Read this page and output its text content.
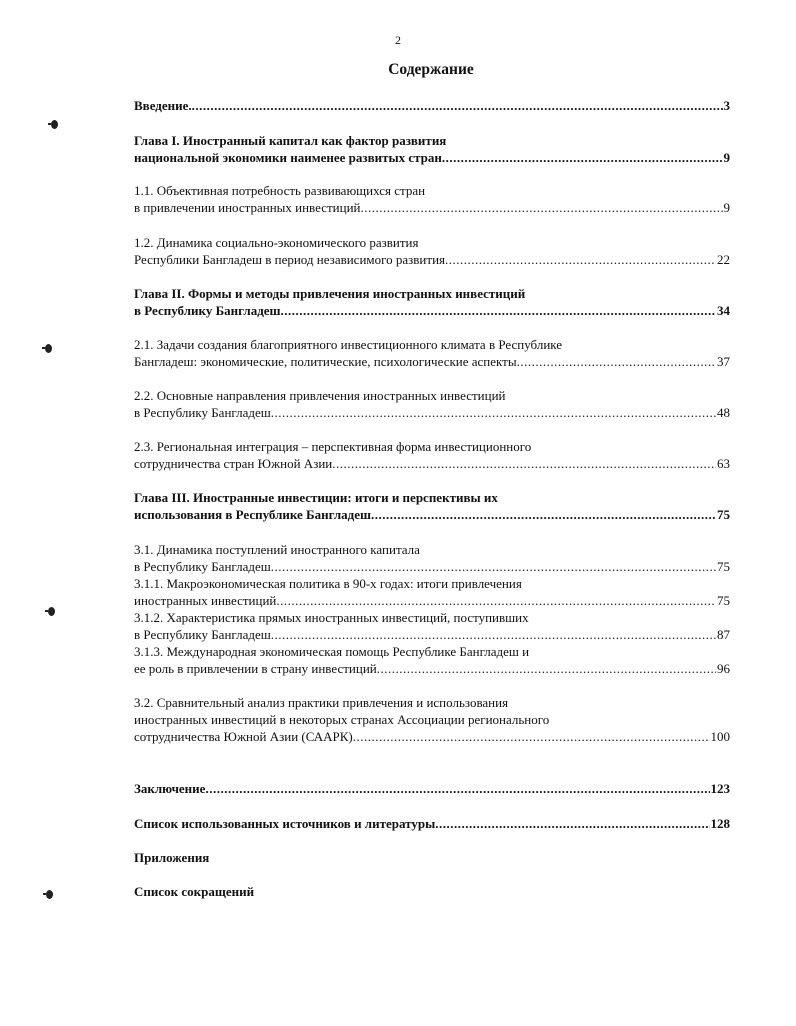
2
Содержание
Введение. .....	3
Глава I. Иностранный капитал как фактор развития
национальной экономики наименее развитых стран .....	9
1.1. Объективная потребность развивающихся стран
в привлечении иностранных инвестиций .....	9
1.2. Динамика социально-экономического развития
Республики Бангладеш в период независимого развития .....	22
Глава II. Формы и методы привлечения иностранных инвестиций
в Республику Бангладеш .....	34
2.1. Задачи создания благоприятного инвестиционного климата в Республике
Бангладеш: экономические, политические, психологические аспекты .....	37
2.2. Основные направления привлечения иностранных инвестиций
в Республику Бангладеш .....	48
2.3. Региональная интеграция – перспективная форма инвестиционного
сотрудничества стран Южной Азии .....	63
Глава III. Иностранные инвестиции: итоги и перспективы их
использования в Республике Бангладеш .....	75
3.1. Динамика поступлений иностранного капитала
в Республику Бангладеш .....	75
3.1.1. Макроэкономическая политика в 90-х годах: итоги привлечения
иностранных инвестиций .....	75
3.1.2. Характеристика прямых иностранных инвестиций, поступивших
в Республику Бангладеш .....	87
3.1.3. Международная экономическая помощь Республике Бангладеш и
ее роль в привлечении в страну инвестиций .....	96
3.2. Сравнительный анализ практики привлечения и использования
иностранных инвестиций в некоторых странах Ассоциации регионального
сотрудничества Южной Азии (СААРК) .....	100
Заключение .....	123
Список использованных источников и литературы .....	128
Приложения
Список сокращений
